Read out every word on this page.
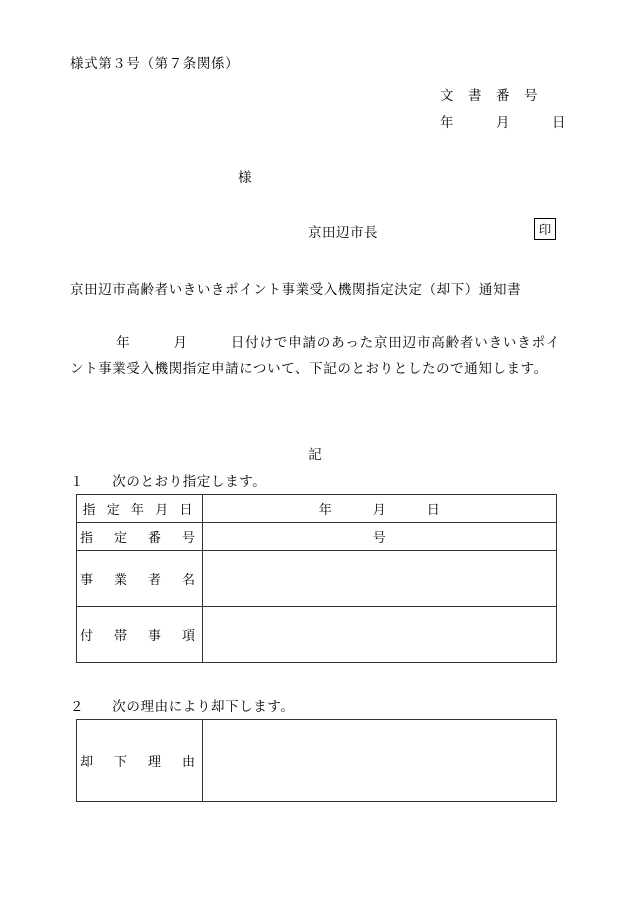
様式第３号（第７条関係）
文　書　番　号
年　　　月　　　日
様
京田辺市長	印
京田辺市高齢者いきいきポイント事業受入機関指定決定（却下）通知書
年　　　月　　　日付けで申請のあった京田辺市高齢者いきいきポイント事業受入機関指定申請について、下記のとおりとしたので通知します。
記
１　　次のとおり指定します。
指 定 年 月 日	年　　　月　　　日
指　定　番　号	号
事　業　者　名	
付　帯　事　項	
２　　次の理由により却下します。
却　下　理　由	
